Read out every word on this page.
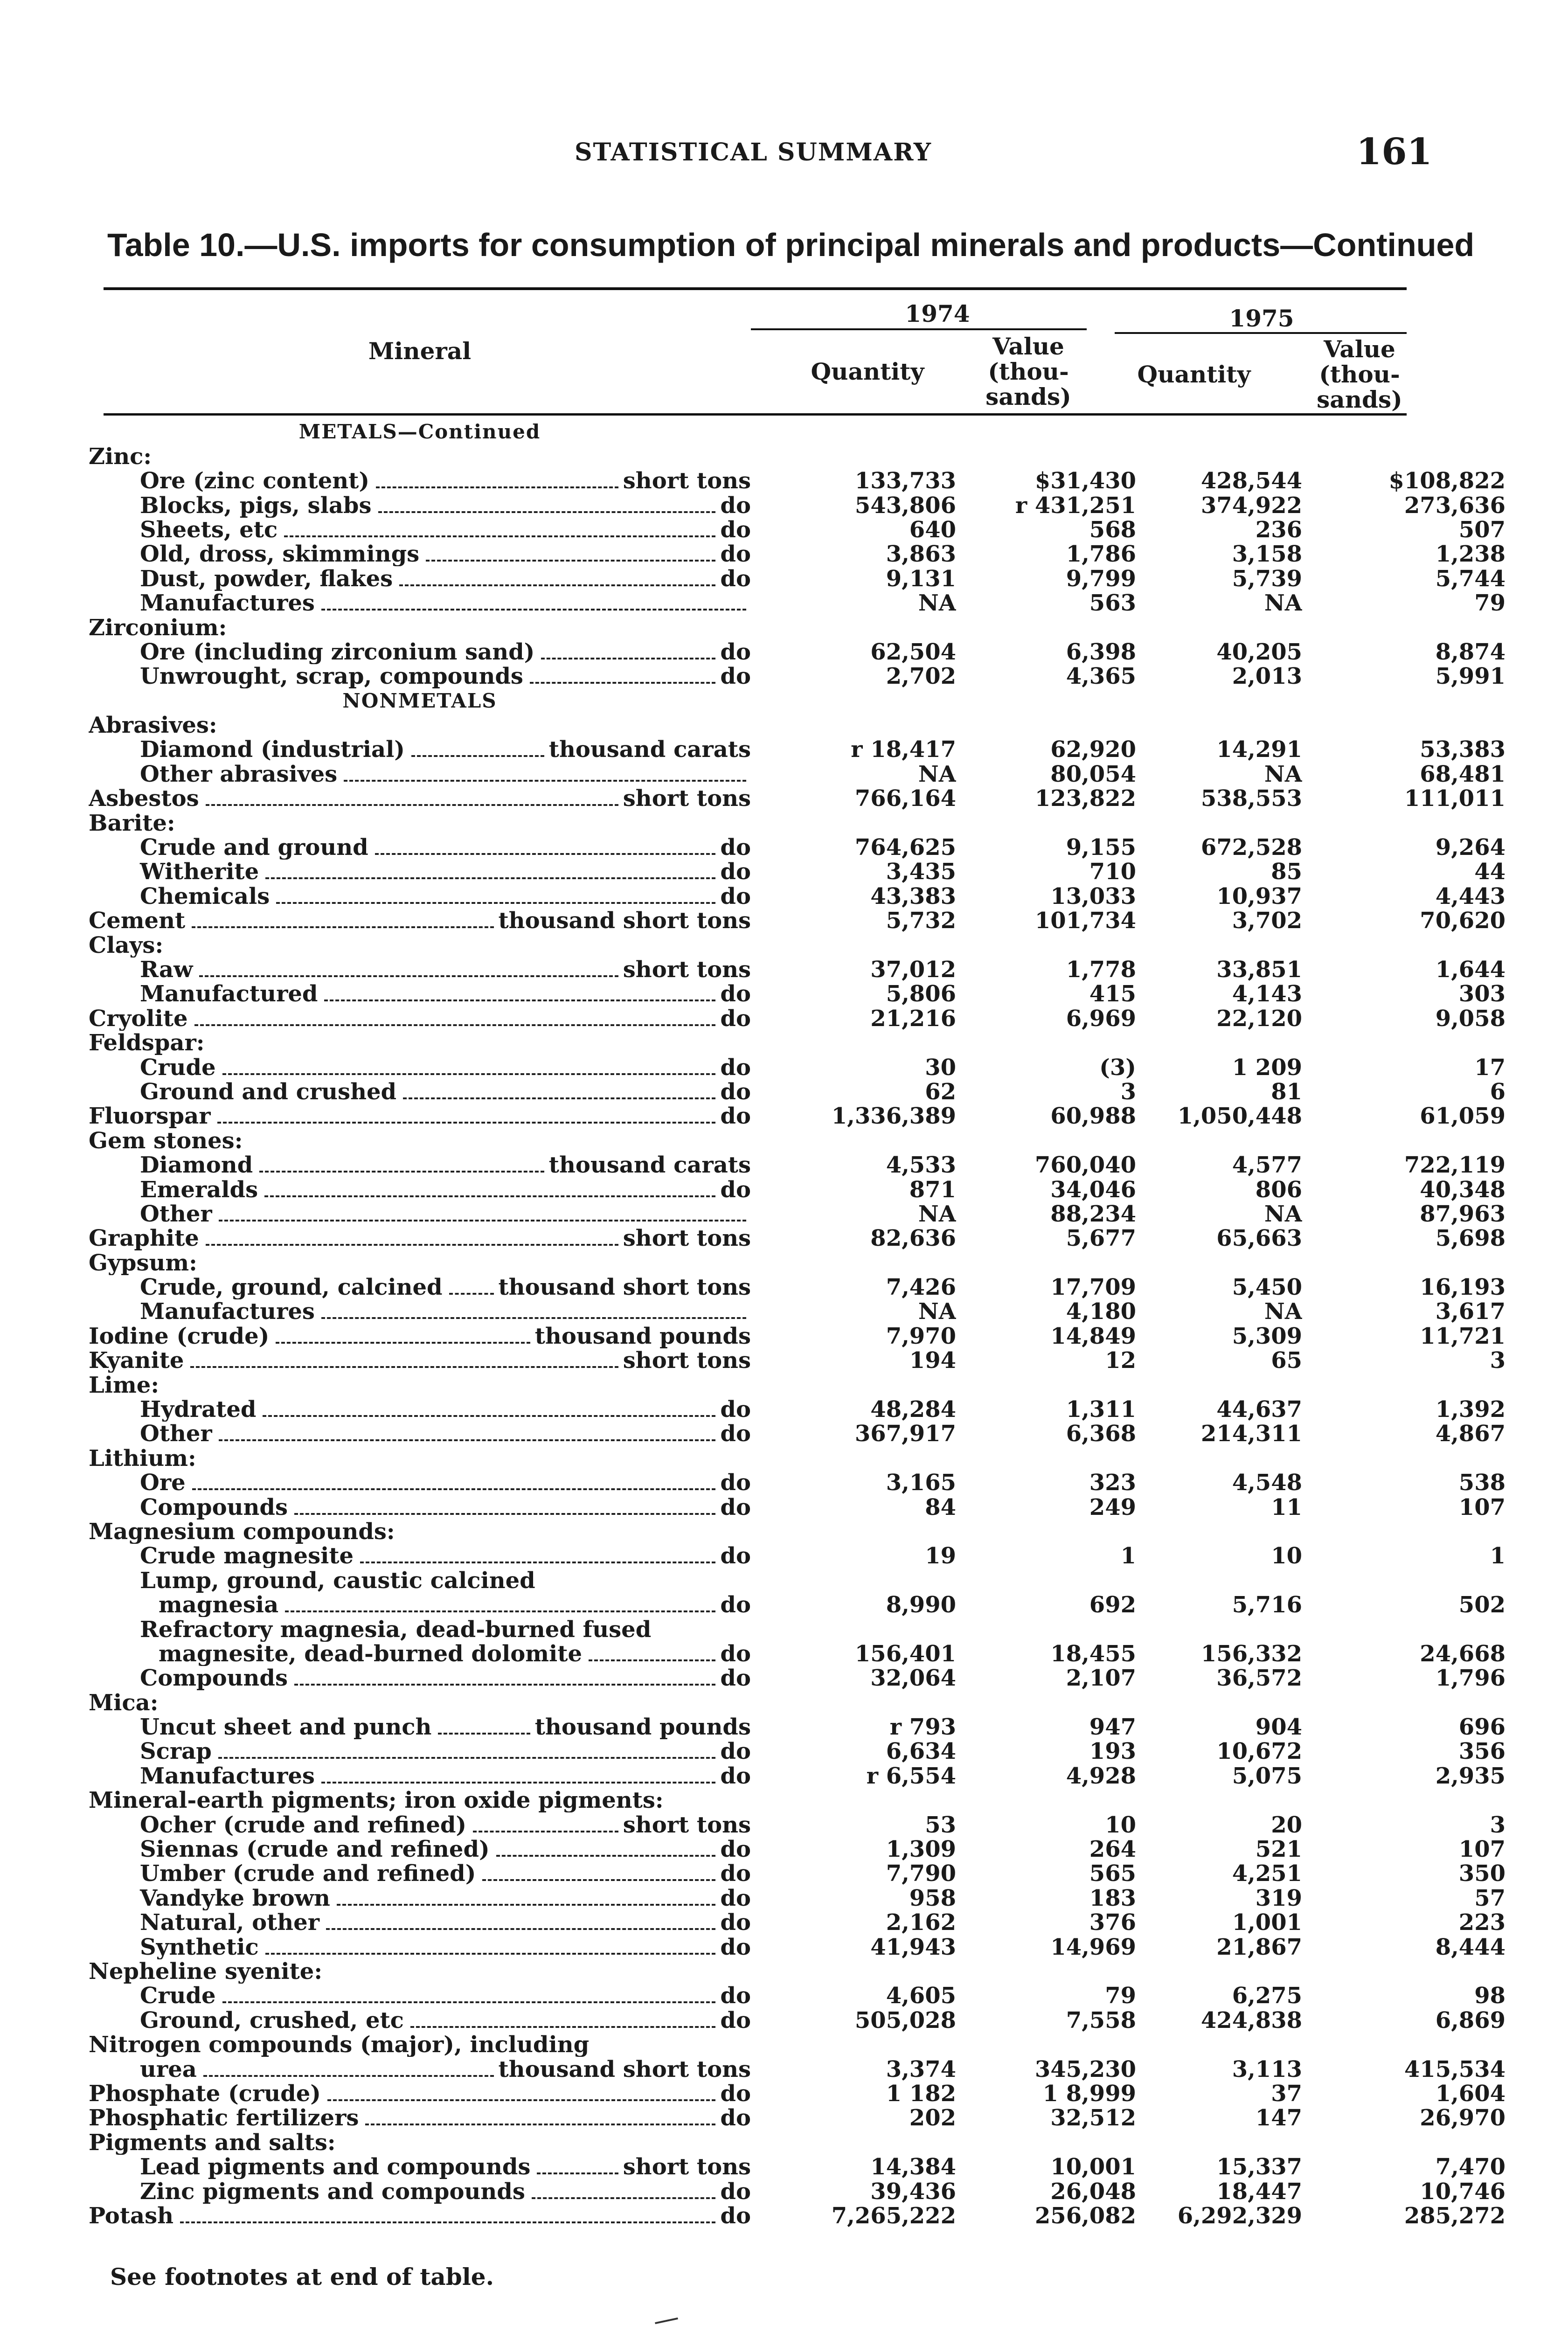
STATISTICAL SUMMARY	161
Table 10.—U.S. imports for consumption of principal minerals and products—Continued
Mineral
1974	1975
Quantity
Value
(thou-
sands)
Quantity
Value
(thou-
sands)
METALS—Continued				

Zinc:				

Ore (zinc content) short tons	133,733	$31,430	428,544	$108,822

Blocks, pigs, slabs do	543,806	r 431,251	374,922	273,636

Sheets, etc do	640	568	236	507

Old, dross, skimmings do	3,863	1,786	3,158	1,238

Dust, powder, flakes do	9,131	9,799	5,739	5,744

Manufactures	NA	563	NA	79
Zirconium:				

Ore (including zirconium sand) do	62,504	6,398	40,205	8,874

Unwrought, scrap, compounds do	2,702	4,365	2,013	5,991

NONMETALS				

Abrasives:				

Diamond (industrial) thousand carats	r 18,417	62,920	14,291	53,383

Other abrasives	NA	80,054	NA	68,481

Asbestos short tons	766,164	123,822	538,553	111,011
Barite:				

Crude and ground do	764,625	9,155	672,528	9,264

Witherite do	3,435	710	85	44

Chemicals do	43,383	13,033	10,937	4,443

Cement thousand short tons	5,732	101,734	3,702	70,620
Clays:				

Raw short tons	37,012	1,778	33,851	1,644

Manufactured do	5,806	415	4,143	303

Cryolite do	21,216	6,969	22,120	9,058
Feldspar:				

Crude do	30	(3)	1 209	17

Ground and crushed do	62	3	81	6

Fluorspar do	1,336,389	60,988	1,050,448	61,059
Gem stones:				

Diamond thousand carats	4,533	760,040	4,577	722,119

Emeralds do	871	34,046	806	40,348

Other	NA	88,234	NA	87,963

Graphite short tons	82,636	5,677	65,663	5,698
Gypsum:				

Crude, ground, calcined thousand short tons	7,426	17,709	5,450	16,193

Manufactures	NA	4,180	NA	3,617

Iodine (crude) thousand pounds	7,970	14,849	5,309	11,721

Kyanite short tons	194	12	65	3
Lime:				

Hydrated do	48,284	1,311	44,637	1,392

Other do	367,917	6,368	214,311	4,867
Lithium:				

Ore do	3,165	323	4,548	538

Compounds do	84	249	11	107
Magnesium compounds:				

Crude magnesite do	19	1	10	1
Lump, ground, caustic calcined				

magnesia do	8,990	692	5,716	502
Refractory magnesia, dead-burned fused				

magnesite, dead-burned dolomite do	156,401	18,455	156,332	24,668

Compounds do	32,064	2,107	36,572	1,796
Mica:				

Uncut sheet and punch thousand pounds	r 793	947	904	696

Scrap do	6,634	193	10,672	356

Manufactures do	r 6,554	4,928	5,075	2,935
Mineral-earth pigments; iron oxide pigments:				

Ocher (crude and refined) short tons	53	10	20	3

Siennas (crude and refined) do	1,309	264	521	107

Umber (crude and refined) do	7,790	565	4,251	350

Vandyke brown do	958	183	319	57

Natural, other do	2,162	376	1,001	223

Synthetic do	41,943	14,969	21,867	8,444
Nepheline syenite:				

Crude do	4,605	79	6,275	98

Ground, crushed, etc do	505,028	7,558	424,838	6,869
Nitrogen compounds (major), including				

urea thousand short tons	3,374	345,230	3,113	415,534

Phosphate (crude) do	1 182	1 8,999	37	1,604

Phosphatic fertilizers do	202	32,512	147	26,970
Pigments and salts:				

Lead pigments and compounds short tons	14,384	10,001	15,337	7,470

Zinc pigments and compounds do	39,436	26,048	18,447	10,746

Potash do	7,265,222	256,082	6,292,329	285,272
See footnotes at end of table.
